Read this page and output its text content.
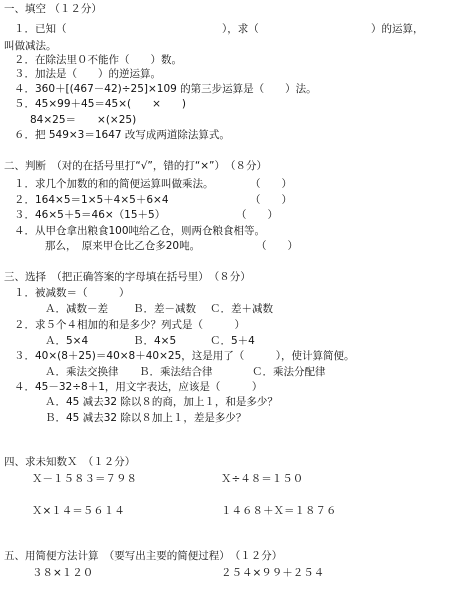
一、填空 （１２分）
１．已知（	），求（	）的运算，
叫做减法。
２．在除法里０不能作（　　）数。
３．加法是（　　）的逆运算。
４．360＋[(467－42)÷25]×109 的第三步运算是（　　）法。
５．45×99＋45＝45×(　　×　　)
84×25＝　　×(×25)
６．把 549×3＝1647 改写成两道除法算式。
二、判断　（对的在括号里打“√”，错的打“×”）　（８分）
１．求几个加数的和的简便运算叫做乘法。	（　　）
２．164×5＝1×5＋4×5＋6×4	（　　）
３．46×5＋5＝46×（15＋5）	（　　）
４．从甲仓拿出粮食100吨给乙仓，则两仓粮食相等。
那么，　原来甲仓比乙仓多20吨。	（　　）
三、选择　（把正确答案的字母填在括号里）　（８分）
１．被减数＝（　　　）
Ａ．减数－差 Ｂ．差－减数 Ｃ．差＋减数
２．求５个４相加的和是多少？列式是（　　　）
Ａ．5×4	Ｂ．4×5	Ｃ．5＋4
３．40×(8＋25)＝40×8＋40×25，这是用了（　　　），使计算简便。
Ａ．乘法交换律 Ｂ．乘法结合律	Ｃ．乘法分配律
４．45－32÷8＋1，用文字表达，应该是（　　　）
Ａ．45 减去32 除以８的商，加上１，和是多少？
Ｂ．45 减去32 除以８加上１，差是多少？
四、求未知数Ｘ　（１２分）
Ｘ－１５８３＝７９８	Ｘ÷４８＝１５０
Ｘ×１４＝５６１４	１４６８＋Ｘ＝１８７６
五、用简便方法计算　（要写出主要的简便过程）　（１２分）
３８×１２０	２５４×９９＋２５４
